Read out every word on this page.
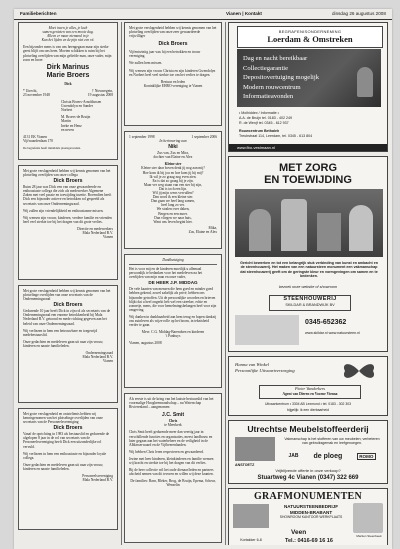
Familieberichten	Vianen | Kontakt	dinsdag 26 augustus 2008

Moet ineen je alles, je lach

samen genieten van een mooie dag.

Alleen er maar niemand in je

Kan het lijden en de pijn niet een rit.

Een bijzonder mens is van ons heengegaan maar zijn sterke geest blijft om ons heen. Moeten schikken is ruim bij het plotseling overlijden van mijn geliefde man, onze vader, mijn zoon en broer

Dirk Marinus

Marie Broers

Dick

* Utrecht,	† Nieuwegein,
23 november 1948	19 augustus 2008

Christa Broers-Arnoldussen

Gwendolyn en Sander

Norbert

M. Broers-de Bruijn

Martin

Ineke en Henz

en neven

4131 EK Vianen

Vijfwaardenlaan 170

De begrafenis heeft inmiddels plaatsgevonden.

Met grote verslagenheid hebben wij kennis genomen van het plotseling overlijden van onze collega

Dick Broers

Ruim 28 jaar was Dick een van onze gewaardeerde en enthousiaste collega die zich als medewerker Algemene Zaken met veel passie en toewijding inzette. Bovendien heeft Dick een bijzonder actieve en betrokken rol gespeeld als secretaris van onze Ondernemingsraad.

Wij zullen zijn vriendelijkheid en enthousiasme missen.

Wij wensen zijn vrouw, kinderen, verdere familie en vrienden heel veel sterkte toe bij het dragen van dit grote verlies.

Directie en medewerkers

Mala Nederland B.V.

Vianen

Met grote verslagenheid hebben wij kennis genomen van het plotselinge overlijden van onze secretaris van de Ondernemingsraad

Dick Broers

Gedurende 10 jaar heeft Dick in zijn rol als secretaris van de Ondernemingsraad een enorme betrokkenheid bij Mala Nederland B.V. getoond en mede richting gegeven aan het beleid van onze Ondernemingsraad.

Wij verliezen in hem een betrouwbare en toegewijd medebestuurslid.

Onze gedachten en medeleven gaan uit naar zijn vrouw, kinderen en naaste familieleden.

Ondernemingsraad

Mala Nederland B.V.

Vianen

Met grote verslagenheid en ontsteltenis hebben wij kennisgenomen van het plotselinge overlijden van onze secretaris van de Personeelsvereniging

Dick Broers

Vanaf de oprichting in 1983 als bestuurslid en gedurende de afgelopen 8 jaar in de rol van secretaris van de Personeelsvereniging heeft Dick een uitzonderlijke rol vervuld.

Wij verliezen in hem een enthousiaste en bijzonder loyale collega.

Onze gedachten en medeleven gaan uit naar zijn vrouw, kinderen en naaste familieleden.

Personeelsvereniging

Mala Nederland B.V.

Met grote verslagenheid hebben wij kennis genomen van het plotseling overlijden van onze zeer gewaardeerde vrijwilliger

Dick Broers

Vijfentwintig jaar was hij een betrokken en trouw vereniging.

We zullen hem missen.

Wij wensen zijn vrouw Christa en zijn kinderen Gwendolyn en Norbert heel veel sterkte toe om het verlies te dragen.

Bestuur en leden

Koninklijke EHBO vereniging te Vianen

1 september 1998	1 september 2006

In herinnering aan

Niki

Zus van, Zus en Mira,

dochter van Elaine en Alex

Kleine ster

Kleine ster daar boven denk jij nog aan mij?

Hoe kom ik bij jou en hoe kom jij bij mij?

Ik wil je zo graag nog even zien.

En is dat zo graag bij je zijn.

Maar ver weg staan van een ster bij zijn,

Dat is toch een lijn.

Wil jij mijn wens vervullen?

Dan word ik een kleine ster.

Dan gaan we heel lang samen,

heel lang zo ver.

We stralen over daken,

Bergen en een moer.

Dan vliegen we naar huis,

Want ons leven begint hier.

Mika,

Zus, Elaine en Alex

Dankbetuiging

Het is voor mij en de kinderen moeilijk u allemaal persoonlijk te bedanken voor het medeleven na het overlijden van mijn man en onze vader,

DE HEER J.P. MIDDAG

De vele kaarten van mensen die hem goed en minder goed hebben gekend, zowel zakelijk als privé, hebben ons bijzonder getroffen. Uit de persoonlijke woorden en brieven blijkt dat u heel ongerkt heb wel een streeker, echte en zonnetje, mens, die voor hemelmingsbelangen heel voor zijn omgeving.

Wij danken in dankbaarheid aan hem terug en hopen dankzij ons zuinleven als wijze rolle op het boom, in teknisheid verder te gaan.

Mevr. C.G. Middag-Barendsen en kinderen

't Panhuys

Vianen, augustus 2008

Als eerste is uit de kring van het laatste bestuurslid van het voormalige Hoogheemraadschap – nu Waterschap Rivierenland – aangenomen:

J.C. Smit

Chris

te Meerkerk

Chris Smit heeft gedurende meer dan veertig jaar in verschillende functies en organisaties, meest landbouw en later gegaan aan het waterbeheer en de veiligheid in de Alblasserwaard en de Vijfheerenlanden.

Wij hebben Chris leren respecteren en gewaardeerd.

Jezine met heer kinderen, kleinkinderen en familie wensen wij kracht en sterkte toe bij het dragen van dit verlies.

Bij de heer collectie wil het oude dienaar/leden en partners afscheid nemen van dit tevoren en willen wij deze kranten.

De families: Barn, Bleker, Brog, de Bruijn, Epema, Scheur, Wenselin

BEGRAFENISONDERNEMING
Loerdam & Omstreken
Dag en nacht bereikbaar
Collectiegarantie
Depositovertuiging mogelijk
Modern rouwcentrum
Informatieavonden
• Molhiddex / Informatie •
A.A. de Bruijn tel. 0183 - 402 249
R. de Wenjf tel. 0345 - 612 937
Rouwcentrum Bethaleh
Treubstraat 114, Leerdam, tel. 0345 - 613 804
www.fbo-vestmaan.nl
MET ZORG
EN TOEWIJDING
Gericht bewerken en tot een belangrijk stuk verbinding van kunst en ambacht en de steenhouwerij. Het maken van een natuursteen monument een vakmanschap dat steenhouwerij geeft om de geringste kleur en vormgevingen om samen en te bedenken.
bezoek onze website of showroom
STEENHOUWERIJ
SKILDAR & BRANDWIJK BV
0345-652362
www.skildar.nl www.natuursteen.nl
Hanna van Winkel
Persoonlijke Uitvaartverzorging
Pieter Vanderkers
Agent van Dieren en Voorne Vienna
Uitvaartcentrum • 3304 AB Lexmond • tel. 0183 - 302 303
bijgelijk: ik een dierbaarheid
Utrechtse Meubelstoffeerderij
Vakmanschap is het stofferen van uw meubelen; verbeteren van gebruiksgemak en leefgenoegen.
JAB de ploeg	ROMO
ANSTOETZ
Vrijblijvende offerte in onze verkoop?
Stuartweg 4c Vianen (0347) 322 669
GRAFMONUMENTEN
NATUURSTEENBEDRIJF
MIDDEN-BRABANT
SHOWROOM KANTOOR WERKPLAATS
Martien Steenbeek
Kortakker 6-8
Veen
Tel.: 0416-69 16 16
